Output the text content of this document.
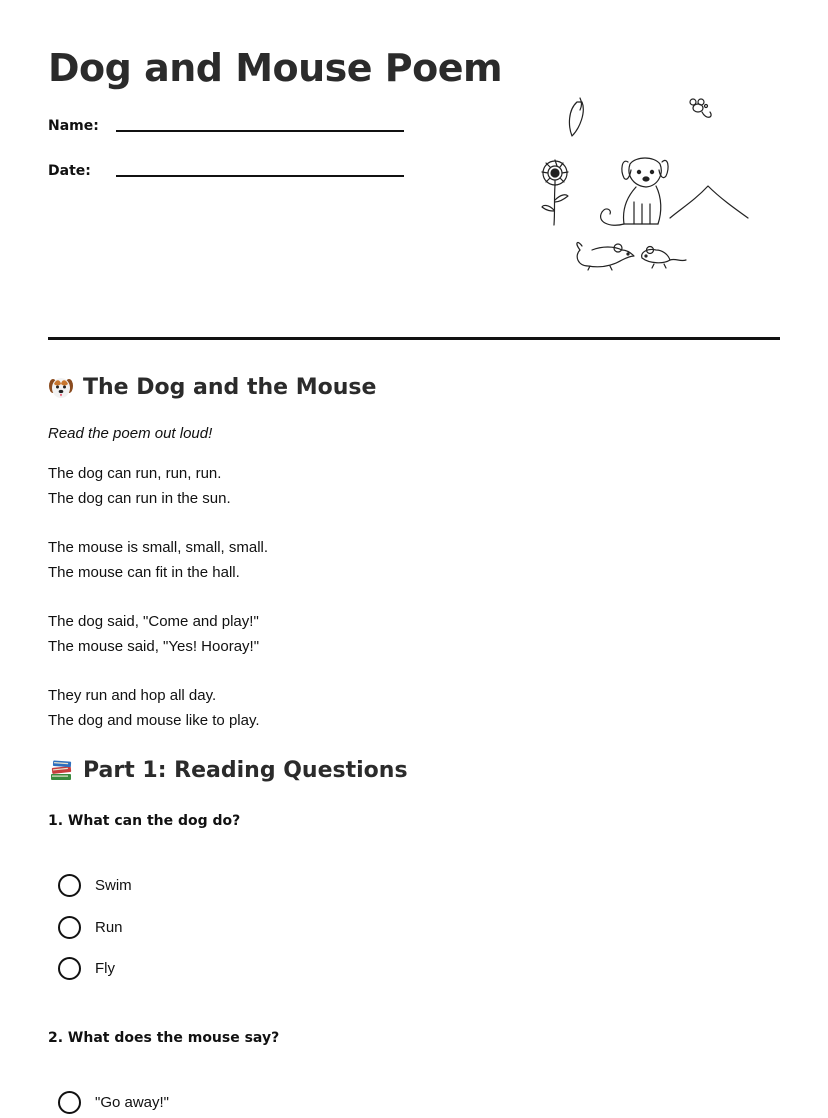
Dog and Mouse Poem
Name:
Date:
The Dog and the Mouse
Read the poem out loud!
The dog can run, run, run.
The dog can run in the sun.
The mouse is small, small, small.
The mouse can fit in the hall.
The dog said, "Come and play!"
The mouse said, "Yes! Hooray!"
They run and hop all day.
The dog and mouse like to play.
Part 1: Reading Questions
1. What can the dog do?
Swim
Run
Fly
2. What does the mouse say?
"Go away!"
